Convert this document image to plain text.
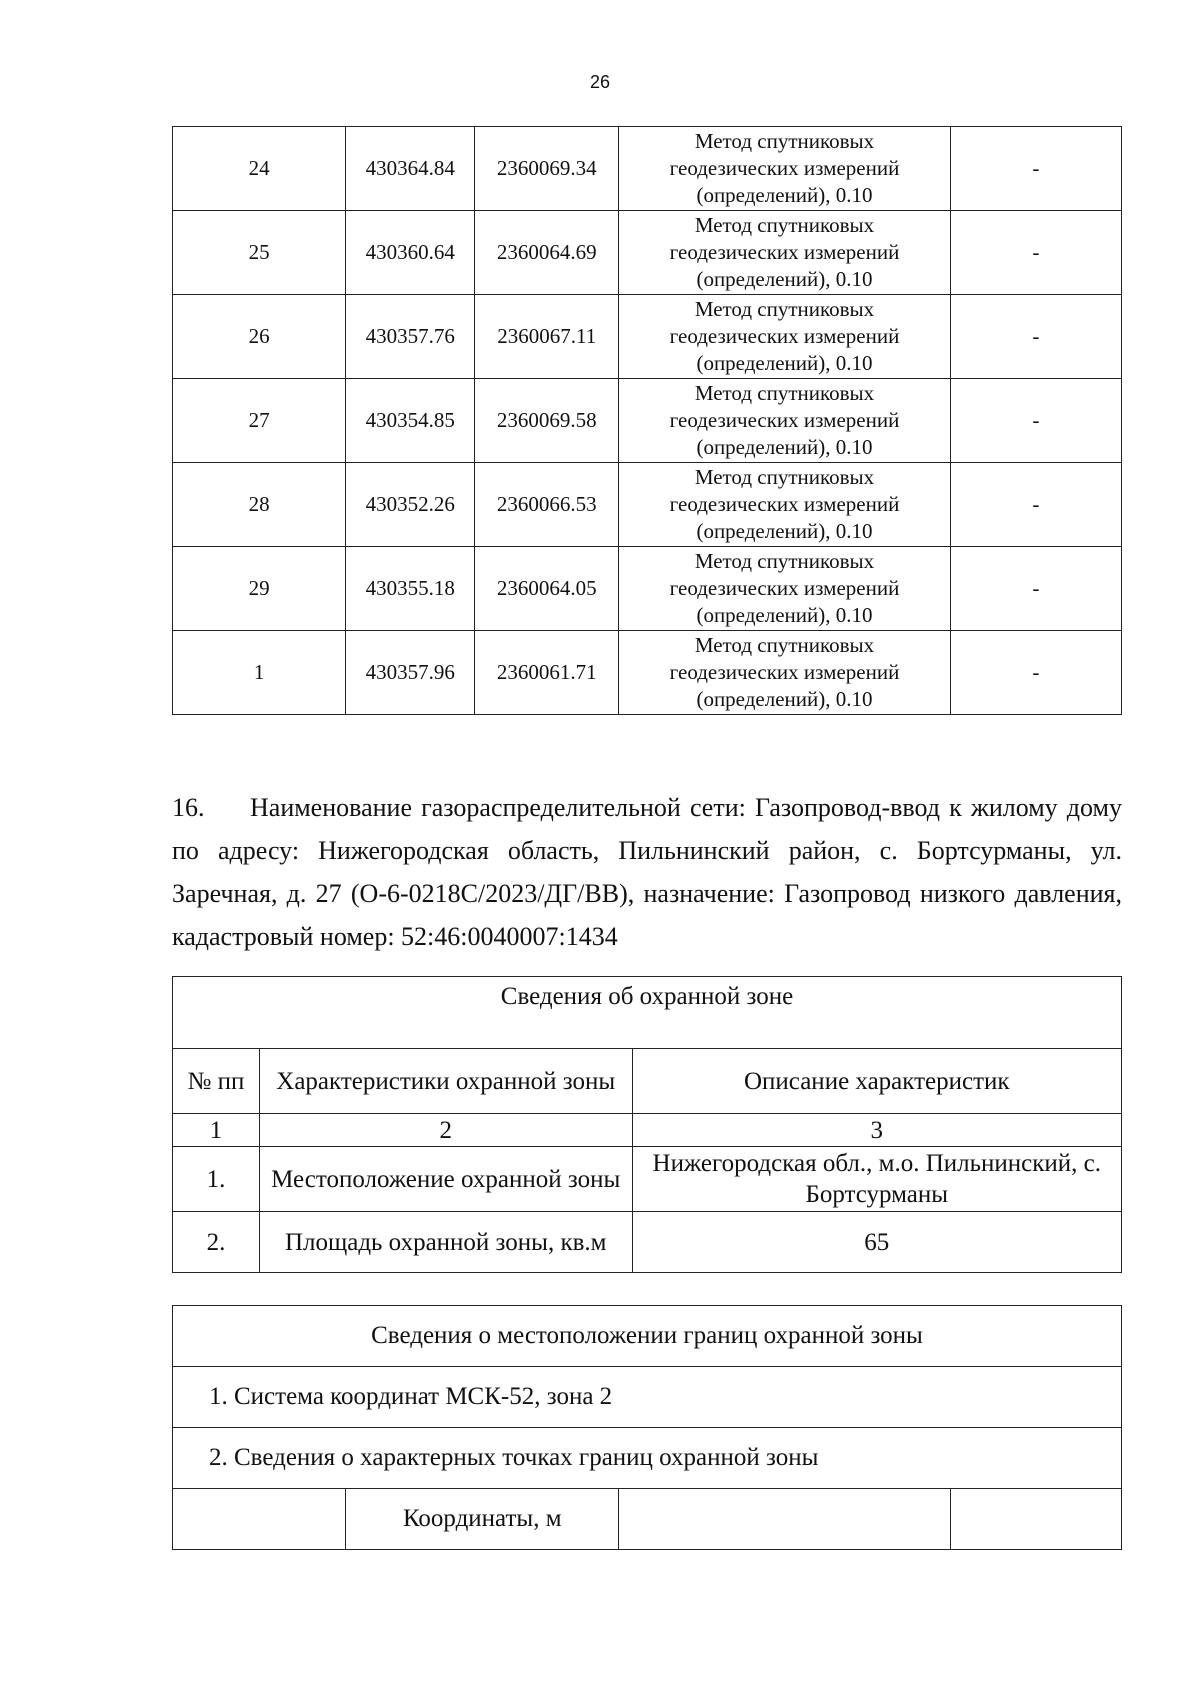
26
24	430364.84	2360069.34	Метод спутниковых
геодезических измерений
(определений), 0.10	-
25	430360.64	2360064.69	Метод спутниковых
геодезических измерений
(определений), 0.10	-
26	430357.76	2360067.11	Метод спутниковых
геодезических измерений
(определений), 0.10	-
27	430354.85	2360069.58	Метод спутниковых
геодезических измерений
(определений), 0.10	-
28	430352.26	2360066.53	Метод спутниковых
геодезических измерений
(определений), 0.10	-
29	430355.18	2360064.05	Метод спутниковых
геодезических измерений
(определений), 0.10	-
1	430357.96	2360061.71	Метод спутниковых
геодезических измерений
(определений), 0.10	-
16. Наименование газораспределительной сети: Газопровод-ввод к жилому дому по адресу: Нижегородская область, Пильнинский район, с. Бортсурманы, ул. Заречная, д. 27 (О-6-0218С/2023/ДГ/ВВ), назначение: Газопровод низкого давления, кадастровый номер: 52:46:0040007:1434
Сведения об охранной зоне		
№ пп	Характеристики охранной зоны	Описание характеристик
1	2	3
1.	Местоположение охранной зоны	Нижегородская обл., м.о. Пильнинский, с. Бортсурманы
2.	Площадь охранной зоны, кв.м	65
Сведения о местоположении границ охранной зоны
1. Система координат МСК-52, зона 2
2. Сведения о характерных точках границ охранной зоны
	Координаты, м		
